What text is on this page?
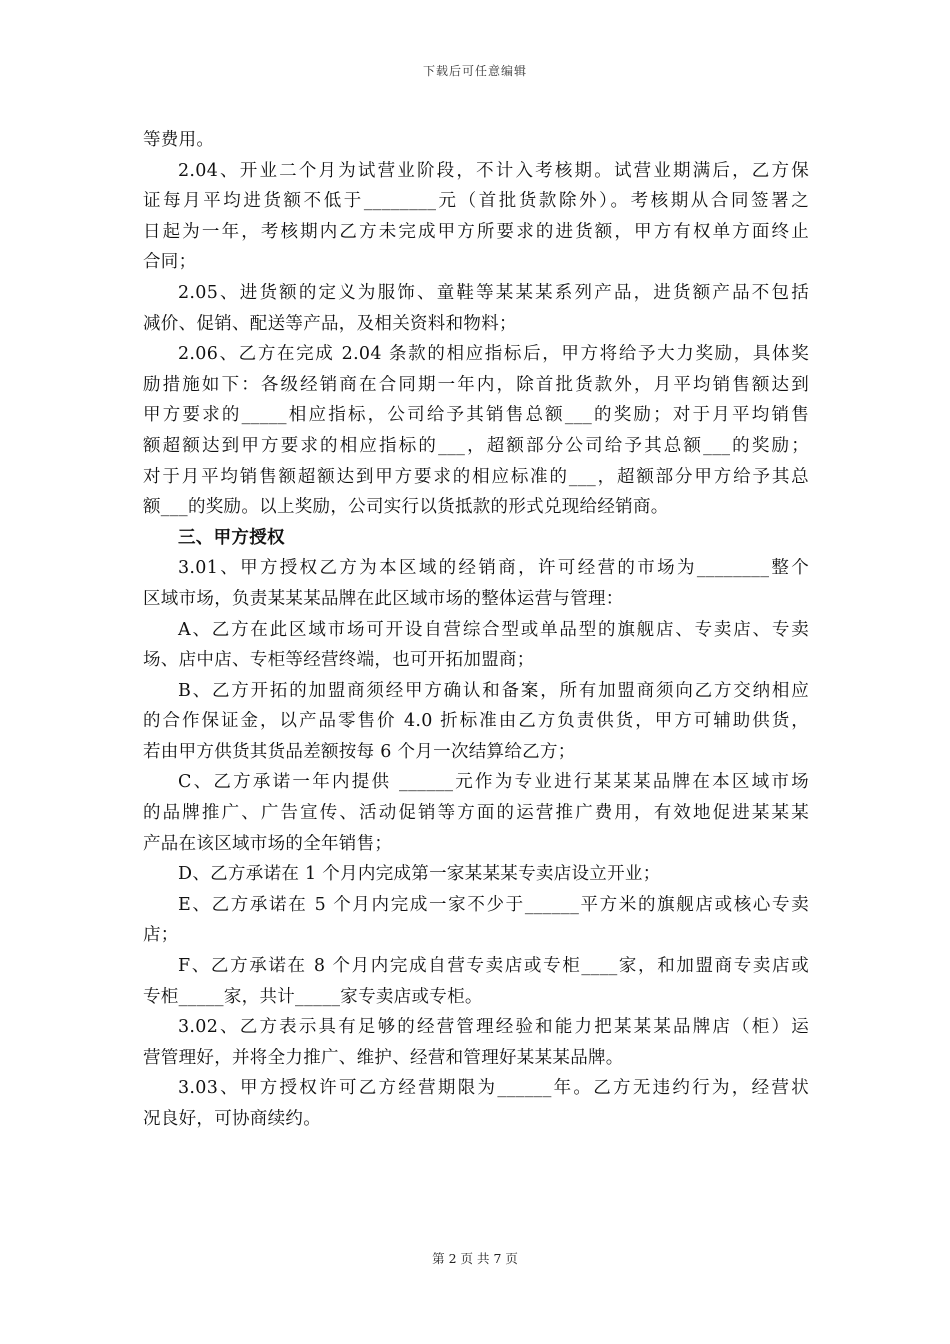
下载后可任意编辑
等费用。
2.04、开业二个月为试营业阶段，不计入考核期。试营业期满后，乙方保
证每月平均进货额不低于________元（首批货款除外）。考核期从合同签署之
日起为一年，考核期内乙方未完成甲方所要求的进货额，甲方有权单方面终止
合同；
2.05、进货额的定义为服饰、童鞋等某某某系列产品，进货额产品不包括
减价、促销、配送等产品，及相关资料和物料；
2.06、乙方在完成 2.04 条款的相应指标后，甲方将给予大力奖励，具体奖
励措施如下：各级经销商在合同期一年内，除首批货款外，月平均销售额达到
甲方要求的_____相应指标，公司给予其销售总额___的奖励；对于月平均销售
额超额达到甲方要求的相应指标的___，超额部分公司给予其总额___的奖励；
对于月平均销售额超额达到甲方要求的相应标准的___，超额部分甲方给予其总
额___的奖励。以上奖励，公司实行以货抵款的形式兑现给经销商。
三、甲方授权
3.01、甲方授权乙方为本区域的经销商，许可经营的市场为________整个
区域市场，负责某某某品牌在此区域市场的整体运营与管理：
A、乙方在此区域市场可开设自营综合型或单品型的旗舰店、专卖店、专卖
场、店中店、专柜等经营终端，也可开拓加盟商；
B、乙方开拓的加盟商须经甲方确认和备案，所有加盟商须向乙方交纳相应
的合作保证金，以产品零售价 4.0 折标准由乙方负责供货，甲方可辅助供货，
若由甲方供货其货品差额按每 6 个月一次结算给乙方；
C、乙方承诺一年内提供 ______元作为专业进行某某某品牌在本区域市场
的品牌推广、广告宣传、活动促销等方面的运营推广费用，有效地促进某某某
产品在该区域市场的全年销售；
D、乙方承诺在 1 个月内完成第一家某某某专卖店设立开业；
E、乙方承诺在 5 个月内完成一家不少于______平方米的旗舰店或核心专卖
店；
F、乙方承诺在 8 个月内完成自营专卖店或专柜____家，和加盟商专卖店或
专柜_____家，共计_____家专卖店或专柜。
3.02、乙方表示具有足够的经营管理经验和能力把某某某品牌店（柜）运
营管理好，并将全力推广、维护、经营和管理好某某某品牌。
3.03、甲方授权许可乙方经营期限为______年。乙方无违约行为，经营状
况良好，可协商续约。
第 2 页 共 7 页
